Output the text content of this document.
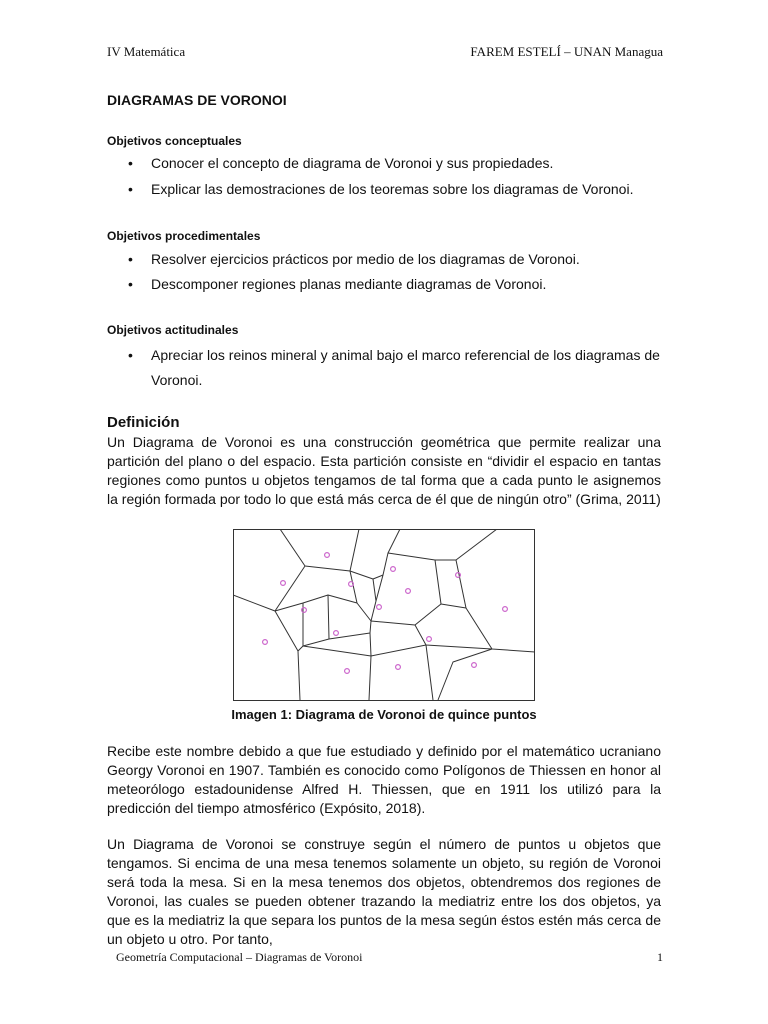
IV Matemática	FAREM ESTELÍ – UNAN Managua
DIAGRAMAS DE VORONOI
Objetivos conceptuales
•	Conocer el concepto de diagrama de Voronoi y sus propiedades.
•	Explicar las demostraciones de los teoremas sobre los diagramas de Voronoi.
Objetivos procedimentales
•	Resolver ejercicios prácticos por medio de los diagramas de Voronoi.
•	Descomponer regiones planas mediante diagramas de Voronoi.
Objetivos actitudinales
•	Apreciar los reinos mineral y animal bajo el marco referencial de los diagramas de Voronoi.
Definición
Un Diagrama de Voronoi es una construcción geométrica que permite realizar una partición del plano o del espacio. Esta partición consiste en “dividir el espacio en tantas regiones como puntos u objetos tengamos de tal forma que a cada punto le asignemos la región formada por todo lo que está más cerca de él que de ningún otro” (Grima, 2011)
Imagen 1: Diagrama de Voronoi de quince puntos
Recibe este nombre debido a que fue estudiado y definido por el matemático ucraniano Georgy Voronoi en 1907. También es conocido como Polígonos de Thiessen en honor al meteorólogo estadounidense Alfred H. Thiessen, que en 1911 los utilizó para la predicción del tiempo atmosférico (Expósito, 2018).
Un Diagrama de Voronoi se construye según el número de puntos u objetos que tengamos. Si encima de una mesa tenemos solamente un objeto, su región de Voronoi será toda la mesa. Si en la mesa tenemos dos objetos, obtendremos dos regiones de Voronoi, las cuales se pueden obtener trazando la mediatriz entre los dos objetos, ya que es la mediatriz la que separa los puntos de la mesa según éstos estén más cerca de un objeto u otro. Por tanto,
Geometría Computacional – Diagramas de Voronoi	1
